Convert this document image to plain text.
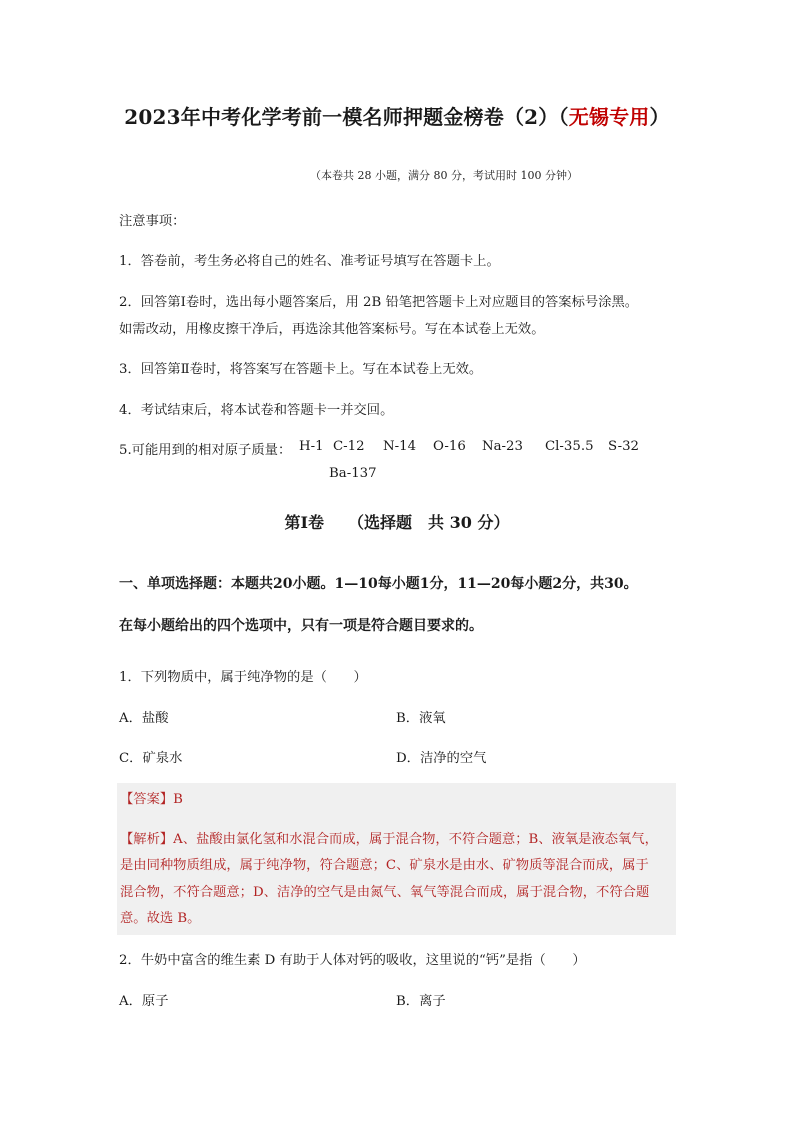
2023年中考化学考前一模名师押题金榜卷（2）（无锡专用）
（本卷共 28 小题，满分 80 分，考试用时 100 分钟）
注意事项：
1．答卷前，考生务必将自己的姓名、准考证号填写在答题卡上。
2．回答第Ⅰ卷时，选出每小题答案后，用 2B 铅笔把答题卡上对应题目的答案标号涂黑。
如需改动，用橡皮擦干净后，再选涂其他答案标号。写在本试卷上无效。
3．回答第Ⅱ卷时，将答案写在答题卡上。写在本试卷上无效。
4．考试结束后，将本试卷和答题卡一并交回。
5.可能用到的相对原子质量： H-1 C-12 N-14 O-16 Na-23 Cl-35.5 S-32
Ba-137
第Ⅰ卷　　（选择题　共 30 分）
一、单项选择题：本题共20小题。1—10每小题1分，11—20每小题2分，共30。
在每小题给出的四个选项中，只有一项是符合题目要求的。
1．下列物质中，属于纯净物的是（　　）
A．盐酸	B．液氧
C．矿泉水	D．洁净的空气
【答案】B
【解析】A、盐酸由氯化氢和水混合而成，属于混合物，不符合题意；B、液氧是液态氧气，
是由同种物质组成，属于纯净物，符合题意；C、矿泉水是由水、矿物质等混合而成，属于
混合物，不符合题意；D、洁净的空气是由氮气、氧气等混合而成，属于混合物，不符合题
意。故选 B。
2．牛奶中富含的维生素 D 有助于人体对钙的吸收，这里说的“钙”是指（　　）
A．原子	B．离子
